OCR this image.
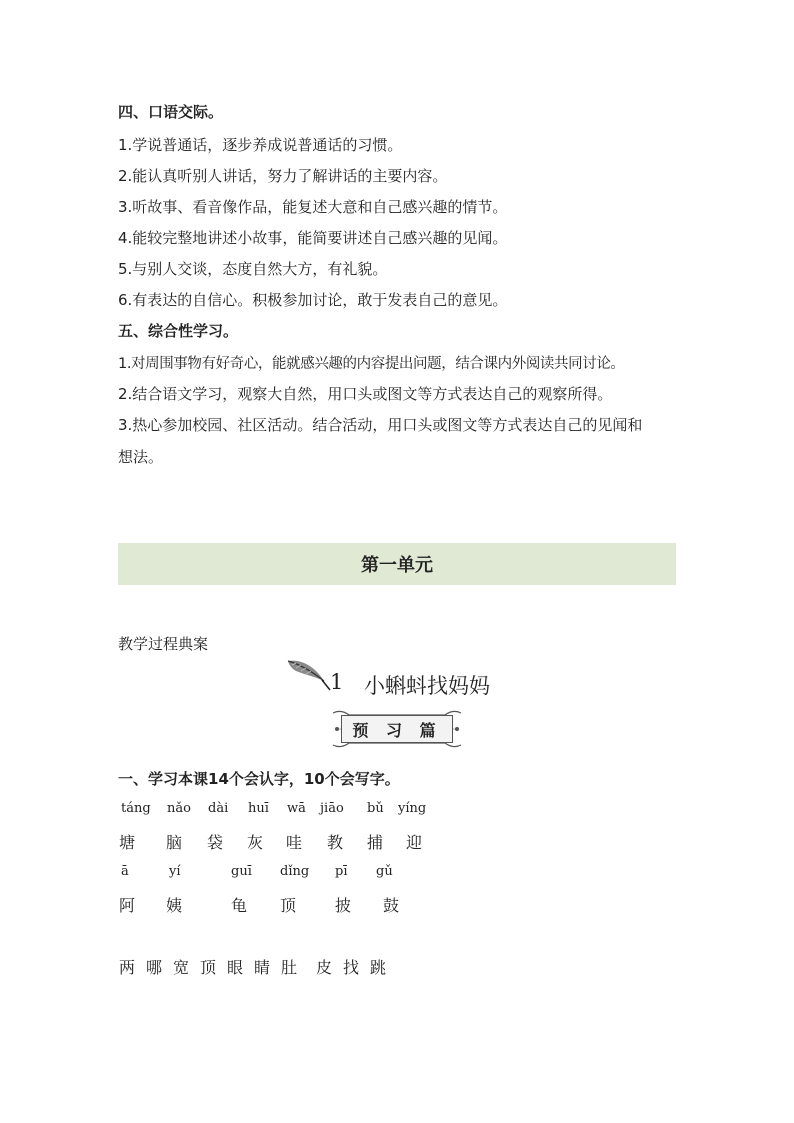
四、口语交际。
1.学说普通话，逐步养成说普通话的习惯。
2.能认真听别人讲话，努力了解讲话的主要内容。
3.听故事、看音像作品，能复述大意和自己感兴趣的情节。
4.能较完整地讲述小故事，能简要讲述自己感兴趣的见闻。
5.与别人交谈，态度自然大方，有礼貌。
6.有表达的自信心。积极参加讨论，敢于发表自己的意见。
五、综合性学习。
1.对周围事物有好奇心，能就感兴趣的内容提出问题，结合课内外阅读共同讨论。
2.结合语文学习，观察大自然，用口头或图文等方式表达自己的观察所得。
3.热心参加校园、社区活动。结合活动，用口头或图文等方式表达自己的见闻和
想法。
第一单元
教学过程典案
1 小蝌蚪找妈妈
预 习 篇
一、学习本课14个会认字，10个会写字。
táng nǎo dài huī wā jiāo bǔ yíng
塘 脑 袋 灰 哇 教 捕 迎
ā	yí	guī dǐng pī gǔ
阿 姨	龟 顶 披 鼓
两 哪 宽 顶 眼 睛 肚 皮 找 跳
